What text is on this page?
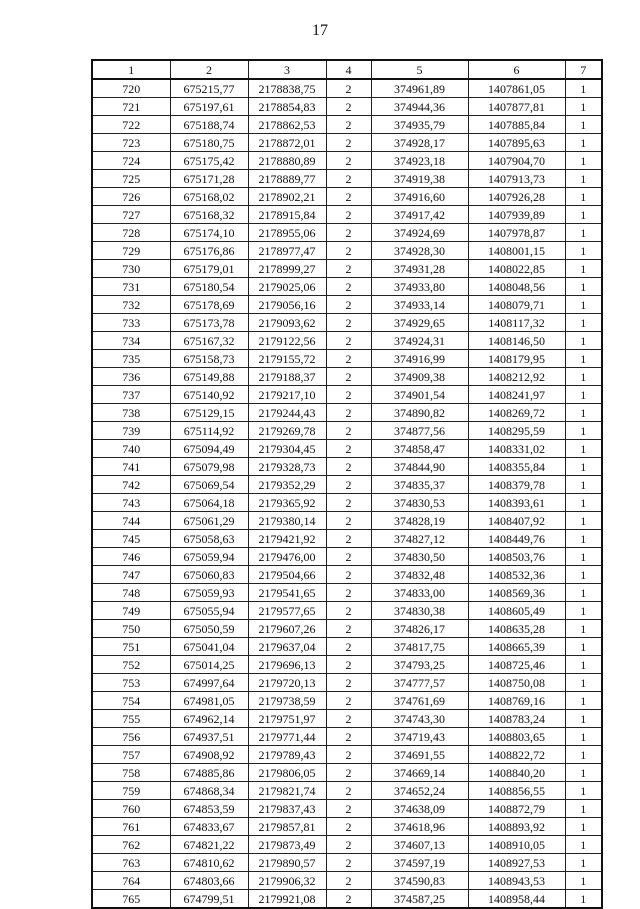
17
1	2	3	4	5	6	7
720	675215,77	2178838,75	2	374961,89	1407861,05	1
721	675197,61	2178854,83	2	374944,36	1407877,81	1
722	675188,74	2178862,53	2	374935,79	1407885,84	1
723	675180,75	2178872,01	2	374928,17	1407895,63	1
724	675175,42	2178880,89	2	374923,18	1407904,70	1
725	675171,28	2178889,77	2	374919,38	1407913,73	1
726	675168,02	2178902,21	2	374916,60	1407926,28	1
727	675168,32	2178915,84	2	374917,42	1407939,89	1
728	675174,10	2178955,06	2	374924,69	1407978,87	1
729	675176,86	2178977,47	2	374928,30	1408001,15	1
730	675179,01	2178999,27	2	374931,28	1408022,85	1
731	675180,54	2179025,06	2	374933,80	1408048,56	1
732	675178,69	2179056,16	2	374933,14	1408079,71	1
733	675173,78	2179093,62	2	374929,65	1408117,32	1
734	675167,32	2179122,56	2	374924,31	1408146,50	1
735	675158,73	2179155,72	2	374916,99	1408179,95	1
736	675149,88	2179188,37	2	374909,38	1408212,92	1
737	675140,92	2179217,10	2	374901,54	1408241,97	1
738	675129,15	2179244,43	2	374890,82	1408269,72	1
739	675114,92	2179269,78	2	374877,56	1408295,59	1
740	675094,49	2179304,45	2	374858,47	1408331,02	1
741	675079,98	2179328,73	2	374844,90	1408355,84	1
742	675069,54	2179352,29	2	374835,37	1408379,78	1
743	675064,18	2179365,92	2	374830,53	1408393,61	1
744	675061,29	2179380,14	2	374828,19	1408407,92	1
745	675058,63	2179421,92	2	374827,12	1408449,76	1
746	675059,94	2179476,00	2	374830,50	1408503,76	1
747	675060,83	2179504,66	2	374832,48	1408532,36	1
748	675059,93	2179541,65	2	374833,00	1408569,36	1
749	675055,94	2179577,65	2	374830,38	1408605,49	1
750	675050,59	2179607,26	2	374826,17	1408635,28	1
751	675041,04	2179637,04	2	374817,75	1408665,39	1
752	675014,25	2179696,13	2	374793,25	1408725,46	1
753	674997,64	2179720,13	2	374777,57	1408750,08	1
754	674981,05	2179738,59	2	374761,69	1408769,16	1
755	674962,14	2179751,97	2	374743,30	1408783,24	1
756	674937,51	2179771,44	2	374719,43	1408803,65	1
757	674908,92	2179789,43	2	374691,55	1408822,72	1
758	674885,86	2179806,05	2	374669,14	1408840,20	1
759	674868,34	2179821,74	2	374652,24	1408856,55	1
760	674853,59	2179837,43	2	374638,09	1408872,79	1
761	674833,67	2179857,81	2	374618,96	1408893,92	1
762	674821,22	2179873,49	2	374607,13	1408910,05	1
763	674810,62	2179890,57	2	374597,19	1408927,53	1
764	674803,66	2179906,32	2	374590,83	1408943,53	1
765	674799,51	2179921,08	2	374587,25	1408958,44	1
